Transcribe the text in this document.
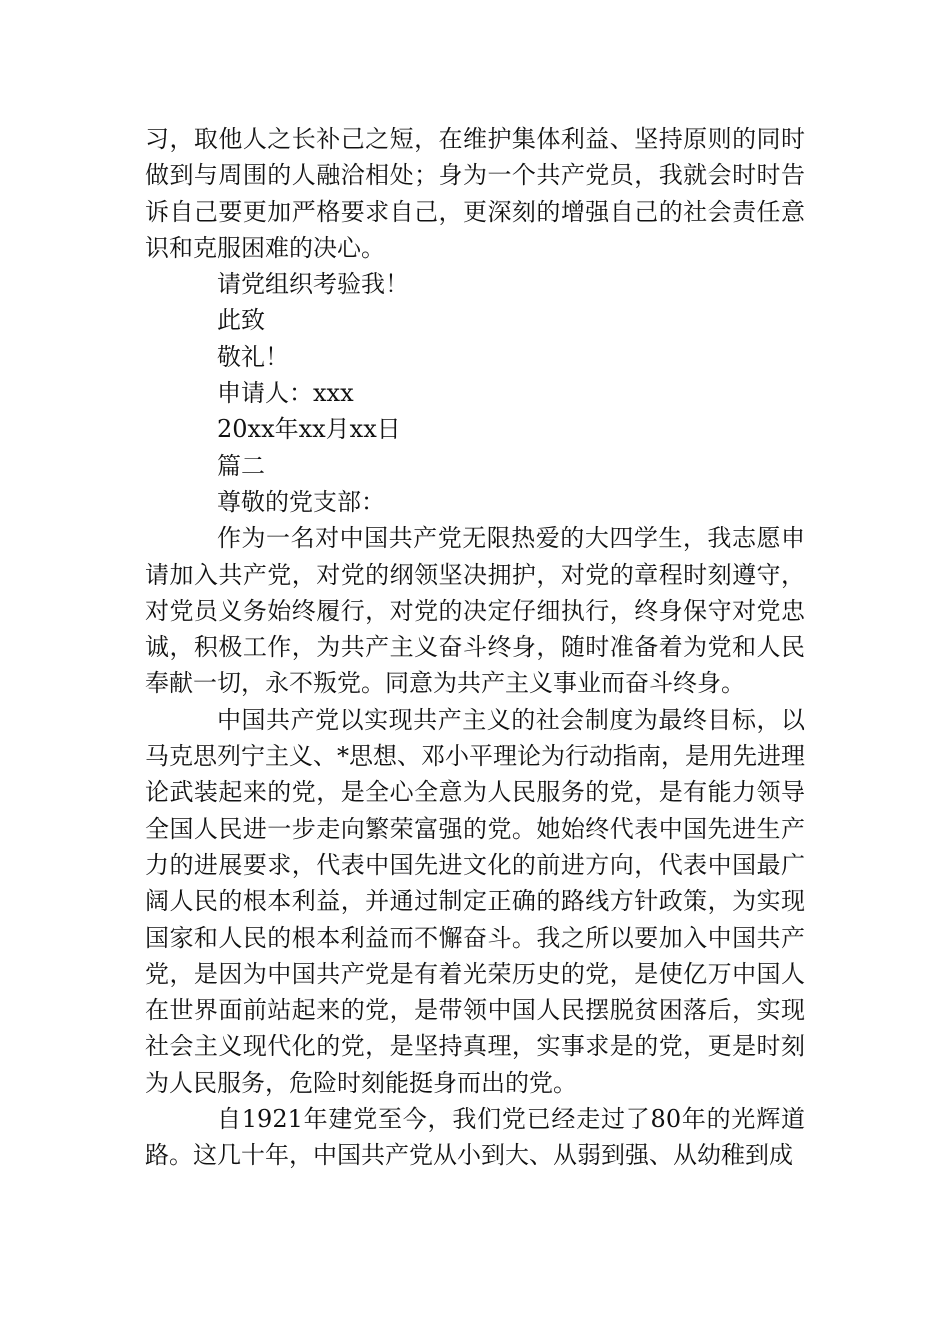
习，取他人之长补己之短，在维护集体利益、坚持原则的同时做到与周围的人融洽相处；身为一个共产党员，我就会时时告诉自己要更加严格要求自己，更深刻的增强自己的社会责任意识和克服困难的决心。

请党组织考验我！

此致

敬礼！

申请人：xxx

20xx年xx月xx日

篇二

尊敬的党支部：

作为一名对中国共产党无限热爱的大四学生，我志愿申请加入共产党，对党的纲领坚决拥护，对党的章程时刻遵守，对党员义务始终履行，对党的决定仔细执行，终身保守对党忠诚，积极工作，为共产主义奋斗终身，随时准备着为党和人民奉献一切，永不叛党。同意为共产主义事业而奋斗终身。

中国共产党以实现共产主义的社会制度为最终目标，以马克思列宁主义、*思想、邓小平理论为行动指南，是用先进理论武装起来的党，是全心全意为人民服务的党，是有能力领导全国人民进一步走向繁荣富强的党。她始终代表中国先进生产力的进展要求，代表中国先进文化的前进方向，代表中国最广阔人民的根本利益，并通过制定正确的路线方针政策，为实现国家和人民的根本利益而不懈奋斗。我之所以要加入中国共产党，是因为中国共产党是有着光荣历史的党，是使亿万中国人在世界面前站起来的党，是带领中国人民摆脱贫困落后，实现社会主义现代化的党，是坚持真理，实事求是的党，更是时刻为人民服务，危险时刻能挺身而出的党。

自1921年建党至今，我们党已经走过了80年的光辉道路。这几十年，中国共产党从小到大、从弱到强、从幼稚到成
